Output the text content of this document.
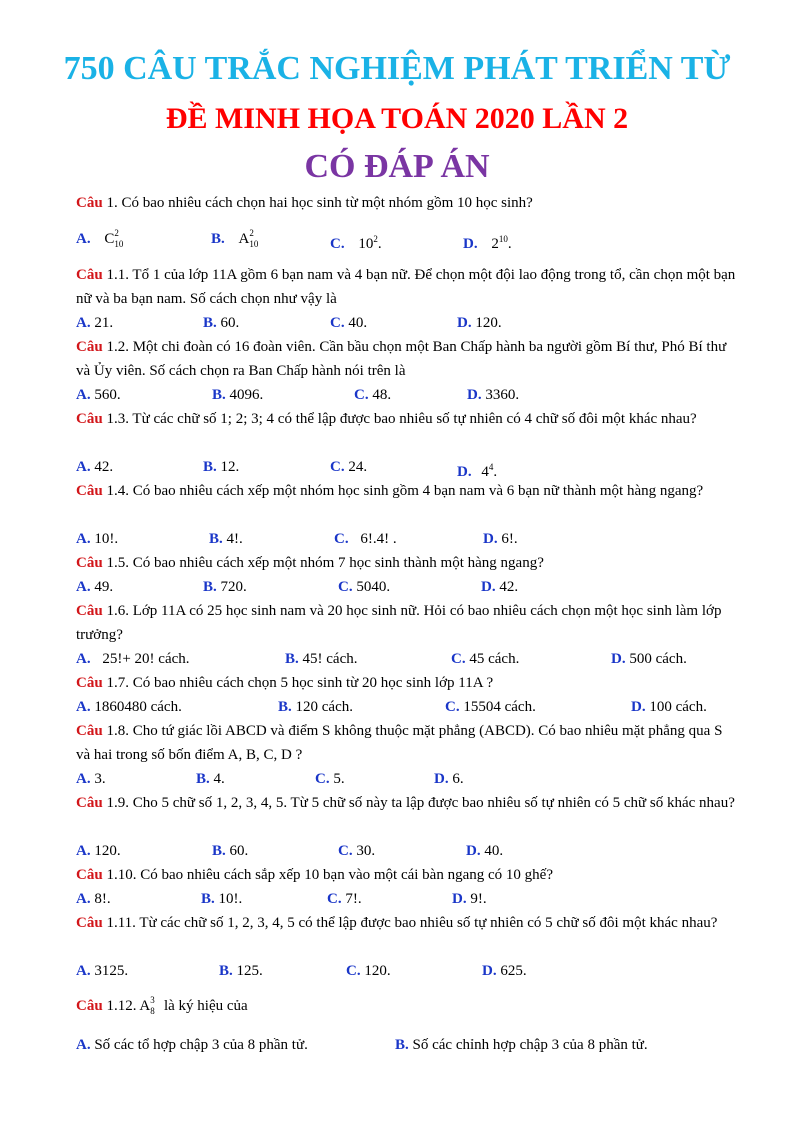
750 CÂU TRẮC NGHIỆM PHÁT TRIỂN TỪ
ĐỀ MINH HỌA TOÁN 2020 LẦN 2
CÓ ĐÁP ÁN
Câu 1. Có bao nhiêu cách chọn hai học sinh từ một nhóm gồm 10 học sinh?
A. C 2
10	B. A 2
10	C. $10^2$.	D. $2^{10}$.
Câu 1.1. Tổ 1 của lớp 11A gồm 6 bạn nam và 4 bạn nữ. Để chọn một đội lao động trong tổ, cần chọn một bạn nữ và ba bạn nam. Số cách chọn như vậy là
A. 21.	B. 60.	C. 40.	D. 120.
Câu 1.2. Một chi đoàn có 16 đoàn viên. Cần bầu chọn một Ban Chấp hành ba người gồm Bí thư, Phó Bí thư và Ủy viên. Số cách chọn ra Ban Chấp hành nói trên là
A. 560.	B. 4096.	C. 48.	D. 3360.
Câu 1.3. Từ các chữ số 1; 2; 3; 4 có thể lập được bao nhiêu số tự nhiên có 4 chữ số đôi một khác nhau?
A. 42.	B. 12.	C. 24.	D. $4^4$.
Câu 1.4. Có bao nhiêu cách xếp một nhóm học sinh gồm 4 bạn nam và 6 bạn nữ thành một hàng ngang?
A. 10!.	B. 4!.	C. 6!.4! .	D. 6!.
Câu 1.5. Có bao nhiêu cách xếp một nhóm 7 học sinh thành một hàng ngang?
A. 49.	B. 720.	C. 5040.	D. 42.
Câu 1.6. Lớp 11A có 25 học sinh nam và 20 học sinh nữ. Hỏi có bao nhiêu cách chọn một học sinh làm lớp trưởng?
A. 25!+ 20! cách.	B. 45! cách.	C. 45 cách.	D. 500 cách.
Câu 1.7. Có bao nhiêu cách chọn 5 học sinh từ 20 học sinh lớp 11A ?
A. 1860480 cách.	B. 120 cách.	C. 15504 cách.	D. 100 cách.
Câu 1.8. Cho tứ giác lồi ABCD và điểm S không thuộc mặt phẳng (ABCD). Có bao nhiêu mặt phẳng qua S và hai trong số bốn điểm A, B, C, D ?
A. 3.	B. 4.	C. 5.	D. 6.
Câu 1.9. Cho 5 chữ số 1, 2, 3, 4, 5. Từ 5 chữ số này ta lập được bao nhiêu số tự nhiên có 5 chữ số khác nhau?
A. 120.	B. 60.	C. 30.	D. 40.
Câu 1.10. Có bao nhiêu cách sắp xếp 10 bạn vào một cái bàn ngang có 10 ghế?
A. 8!.	B. 10!.	C. 7!.	D. 9!.
Câu 1.11. Từ các chữ số 1, 2, 3, 4, 5 có thể lập được bao nhiêu số tự nhiên có 5 chữ số đôi một khác nhau?
A. 3125.	B. 125.	C. 120.	D. 625.
Câu 1.12. A 3
8 là ký hiệu của
A. Số các tổ hợp chập 3 của 8 phần tử.	B. Số các chỉnh hợp chập 3 của 8 phần tử.
